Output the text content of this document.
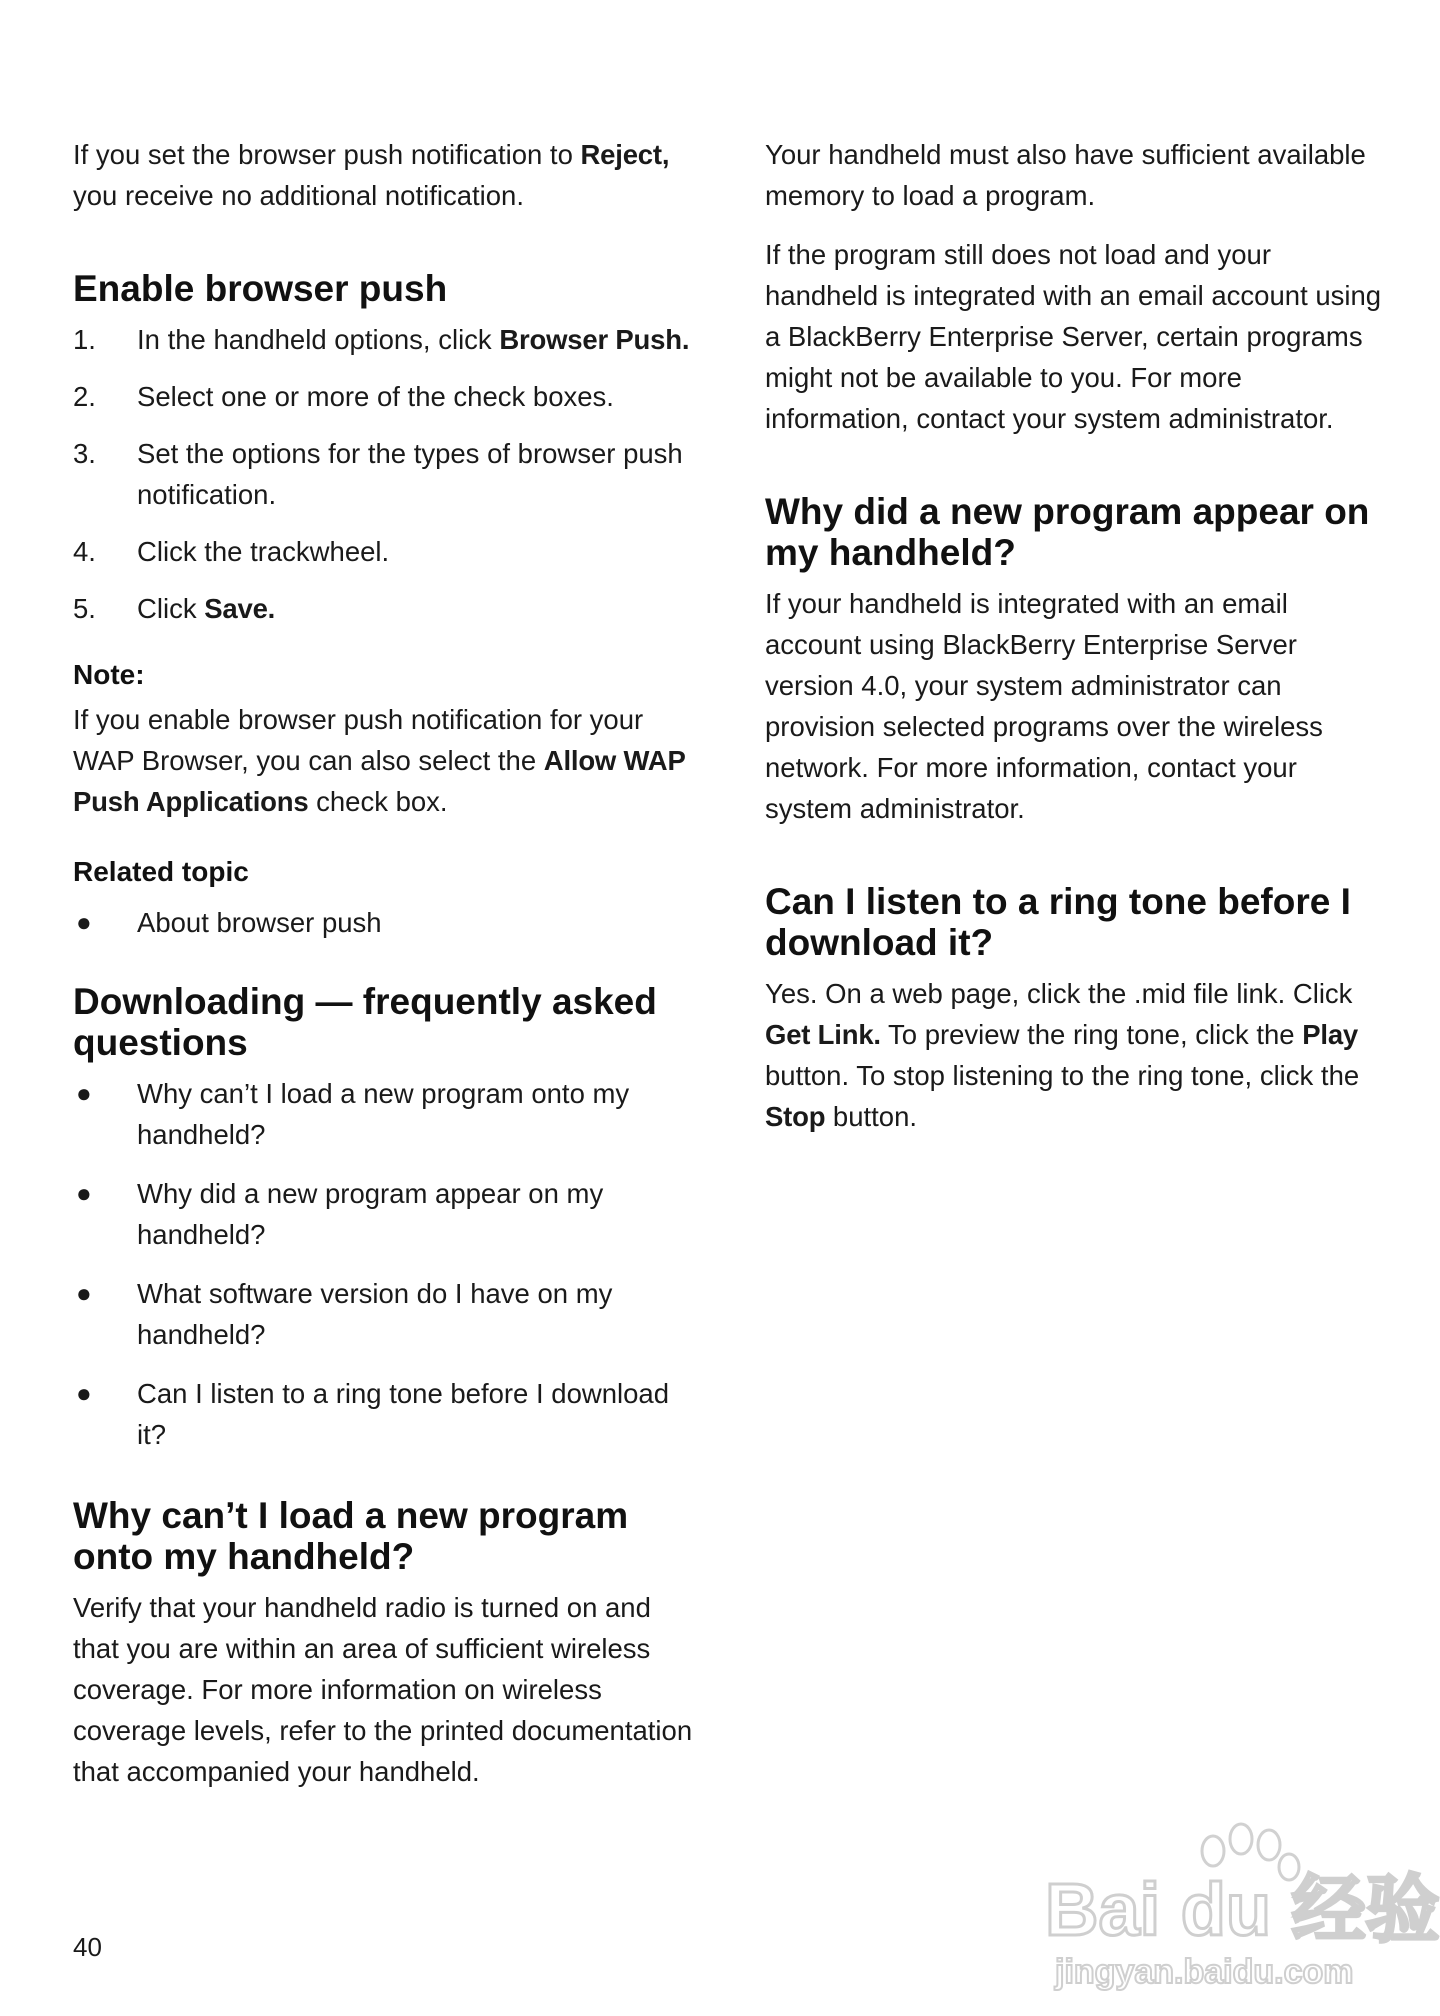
If you set the browser push notification to Reject, you receive no additional notification.

Enable browser push
1. In the handheld options, click Browser Push.
2. Select one or more of the check boxes.
3. Set the options for the types of browser push notification.
4. Click the trackwheel.
5. Click Save.
Note:

If you enable browser push notification for your WAP Browser, you can also select the Allow WAP Push Applications check box.

Related topic
● About browser push
Downloading — frequently asked questions
● Why can’t I load a new program onto my handheld?
● Why did a new program appear on my handheld?
● What software version do I have on my handheld?
● Can I listen to a ring tone before I download it?
Why can’t I load a new program onto my handheld?

Verify that your handheld radio is turned on and that you are within an area of sufficient wireless coverage. For more information on wireless coverage levels, refer to the printed documentation that accompanied your handheld.

Your handheld must also have sufficient available memory to load a program.

If the program still does not load and your handheld is integrated with an email account using a BlackBerry Enterprise Server, certain programs might not be available to you. For more information, contact your system administrator.

Why did a new program appear on my handheld?

If your handheld is integrated with an email account using BlackBerry Enterprise Server version 4.0, your system administrator can provision selected programs over the wireless network. For more information, contact your system administrator.

Can I listen to a ring tone before I download it?

Yes. On a web page, click the .mid file link. Click Get Link. To preview the ring tone, click the Play button. To stop listening to the ring tone, click the Stop button.

40	Bai du 经验
jingyan.baidu.com
